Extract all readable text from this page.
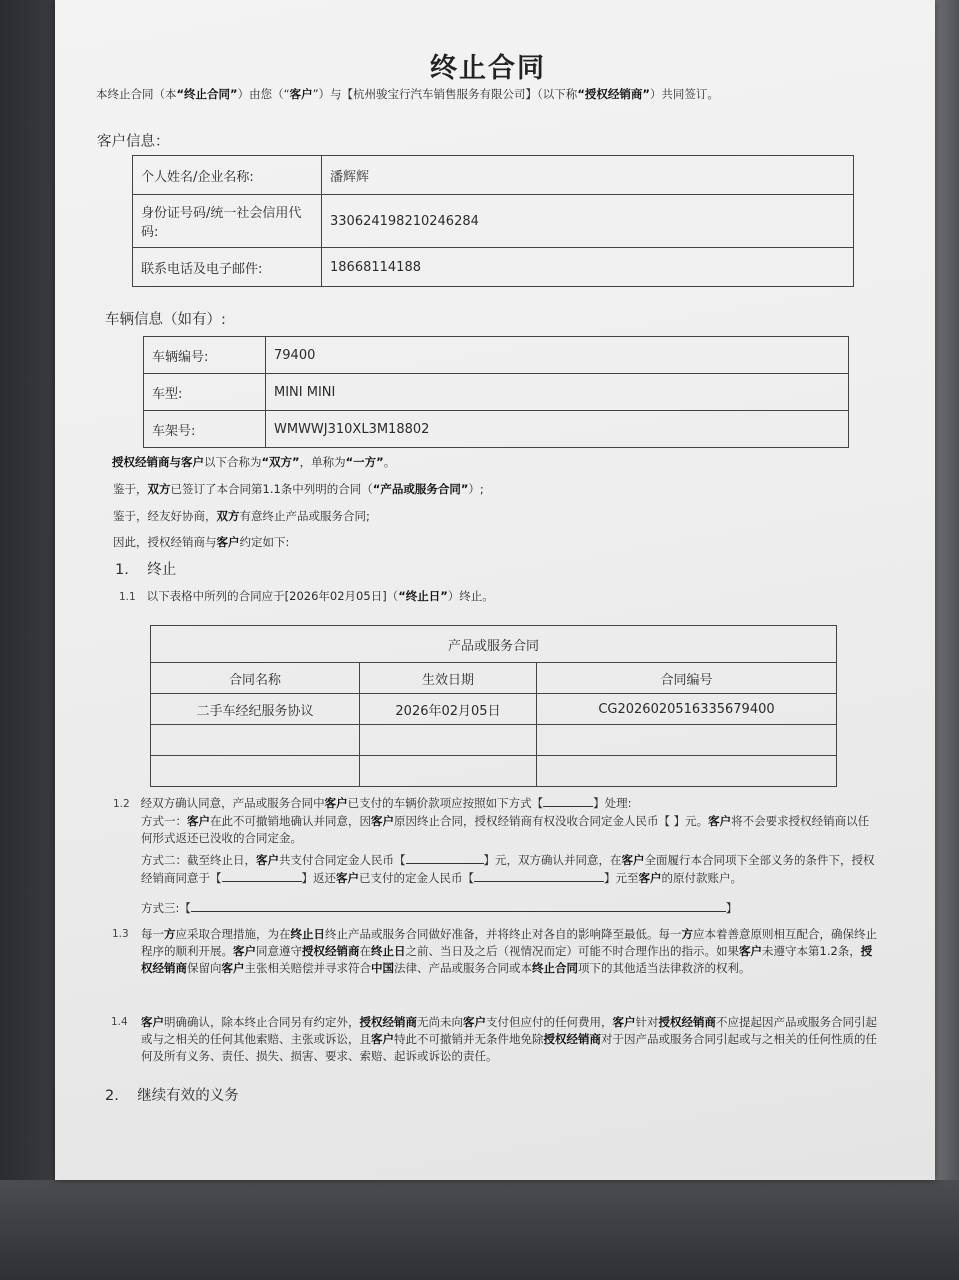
终止合同
本终止合同（本“终止合同”）由您（“客户”）与【杭州骏宝行汽车销售服务有限公司】（以下称“授权经销商”）共同签订。
客户信息：
个人姓名/企业名称:	潘辉辉
身份证号码/统一社会信用代码:	330624198210246284
联系电话及电子邮件:	18668114188
车辆信息（如有）:
车辆编号:	79400
车型:	MINI MINI
车架号:	WMWWJ310XL3M18802
授权经销商与客户以下合称为“双方”，单称为“一方”。
鉴于，双方已签订了本合同第1.1条中列明的合同（“产品或服务合同”）;
鉴于，经友好协商，双方有意终止产品或服务合同;
因此，授权经销商与客户约定如下:
1. 终止
1.1 以下表格中所列的合同应于[2026年02月05日]（“终止日”）终止。
产品或服务合同		
合同名称	生效日期	合同编号
二手车经纪服务协议	2026年02月05日	CG2026020516335679400

1.2 经双方确认同意，产品或服务合同中客户已支付的车辆价款项应按照如下方式【	】处理:
方式一：客户在此不可撤销地确认并同意，因客户原因终止合同，授权经销商有权没收合同定金人民币【 】元。客户将不会要求授权经销商以任何形式返还已没收的合同定金。
方式二：截至终止日，客户共支付合同定金人民币【	】元，双方确认并同意，在客户全面履行本合同项下全部义务的条件下，授权经销商同意于【	】返还客户已支付的定金人民币【	】元至客户的原付款账户。
方式三:【	】
1.3 每一方应采取合理措施，为在终止日终止产品或服务合同做好准备，并将终止对各自的影响降至最低。每一方应本着善意原则相互配合，确保终止程序的顺利开展。客户同意遵守授权经销商在终止日之前、当日及之后（视情况而定）可能不时合理作出的指示。如果客户未遵守本第1.2条，授权经销商保留向客户主张相关赔偿并寻求符合中国法律、产品或服务合同或本终止合同项下的其他适当法律救济的权利。
1.4 客户明确确认，除本终止合同另有约定外，授权经销商无尚未向客户支付但应付的任何费用，客户针对授权经销商不应提起因产品或服务合同引起或与之相关的任何其他索赔、主张或诉讼，且客户特此不可撤销并无条件地免除授权经销商对于因产品或服务合同引起或与之相关的任何性质的任何及所有义务、责任、损失、损害、要求、索赔、起诉或诉讼的责任。
2. 继续有效的义务
